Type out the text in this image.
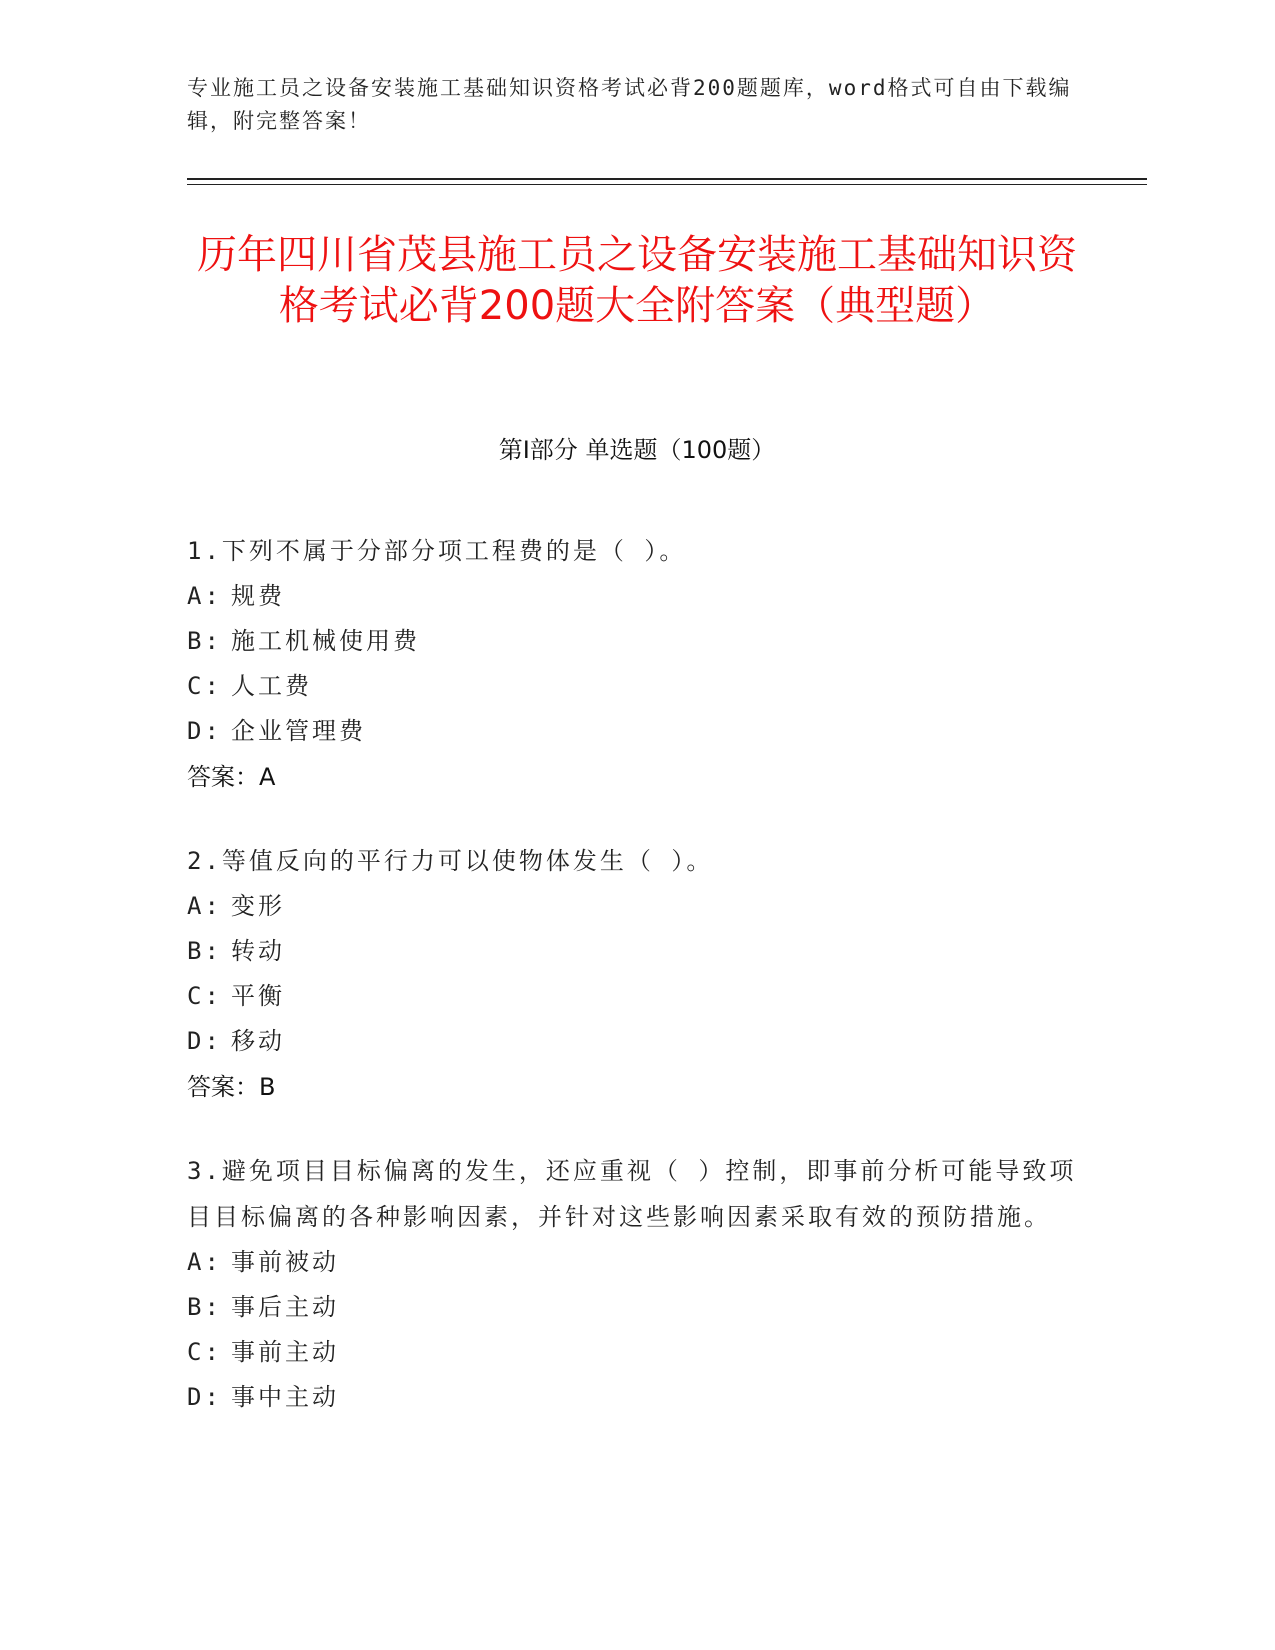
专业施工员之设备安装施工基础知识资格考试必背200题题库，word格式可自由下载编辑，附完整答案！
历年四川省茂县施工员之设备安装施工基础知识资格考试必背200题大全附答案（典型题）
第Ⅰ部分 单选题（100题）
1.下列不属于分部分项工程费的是（ ）。
A: 规费
B: 施工机械使用费
C: 人工费
D: 企业管理费
答案：A
2.等值反向的平行力可以使物体发生（ ）。
A: 变形
B: 转动
C: 平衡
D: 移动
答案：B
3.避免项目目标偏离的发生，还应重视（ ）控制，即事前分析可能导致项目目标偏离的各种影响因素，并针对这些影响因素采取有效的预防措施。
A: 事前被动
B: 事后主动
C: 事前主动
D: 事中主动
